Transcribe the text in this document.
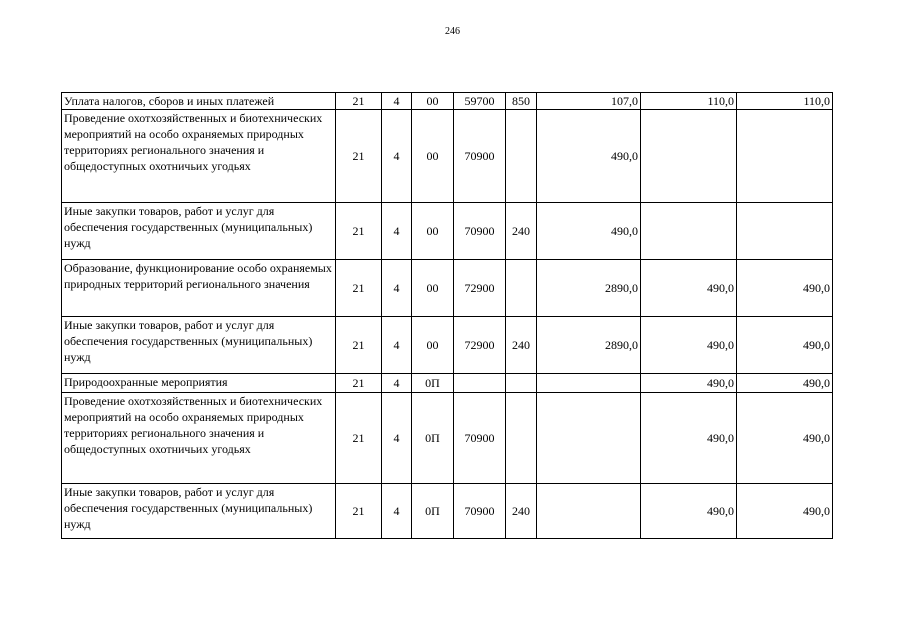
246
Уплата налогов, сборов и иных платежей	21	4	00	59700	850	107,0	110,0	110,0
Проведение охотхозяйственных и биотехнических мероприятий на особо охраняемых природных территориях регионального значения и общедоступных охотничьих угодьях	21	4	00	70900		490,0		
Иные закупки товаров, работ и услуг для обеспечения государственных (муниципальных) нужд	21	4	00	70900	240	490,0		
Образование, функционирование особо охраняемых природных территорий регионального значения	21	4	00	72900		2890,0	490,0	490,0
Иные закупки товаров, работ и услуг для обеспечения государственных (муниципальных) нужд	21	4	00	72900	240	2890,0	490,0	490,0
Природоохранные мероприятия	21	4	0П				490,0	490,0
Проведение охотхозяйственных и биотехнических мероприятий на особо охраняемых природных территориях регионального значения и общедоступных охотничьих угодьях	21	4	0П	70900			490,0	490,0
Иные закупки товаров, работ и услуг для обеспечения государственных (муниципальных) нужд	21	4	0П	70900	240		490,0	490,0
